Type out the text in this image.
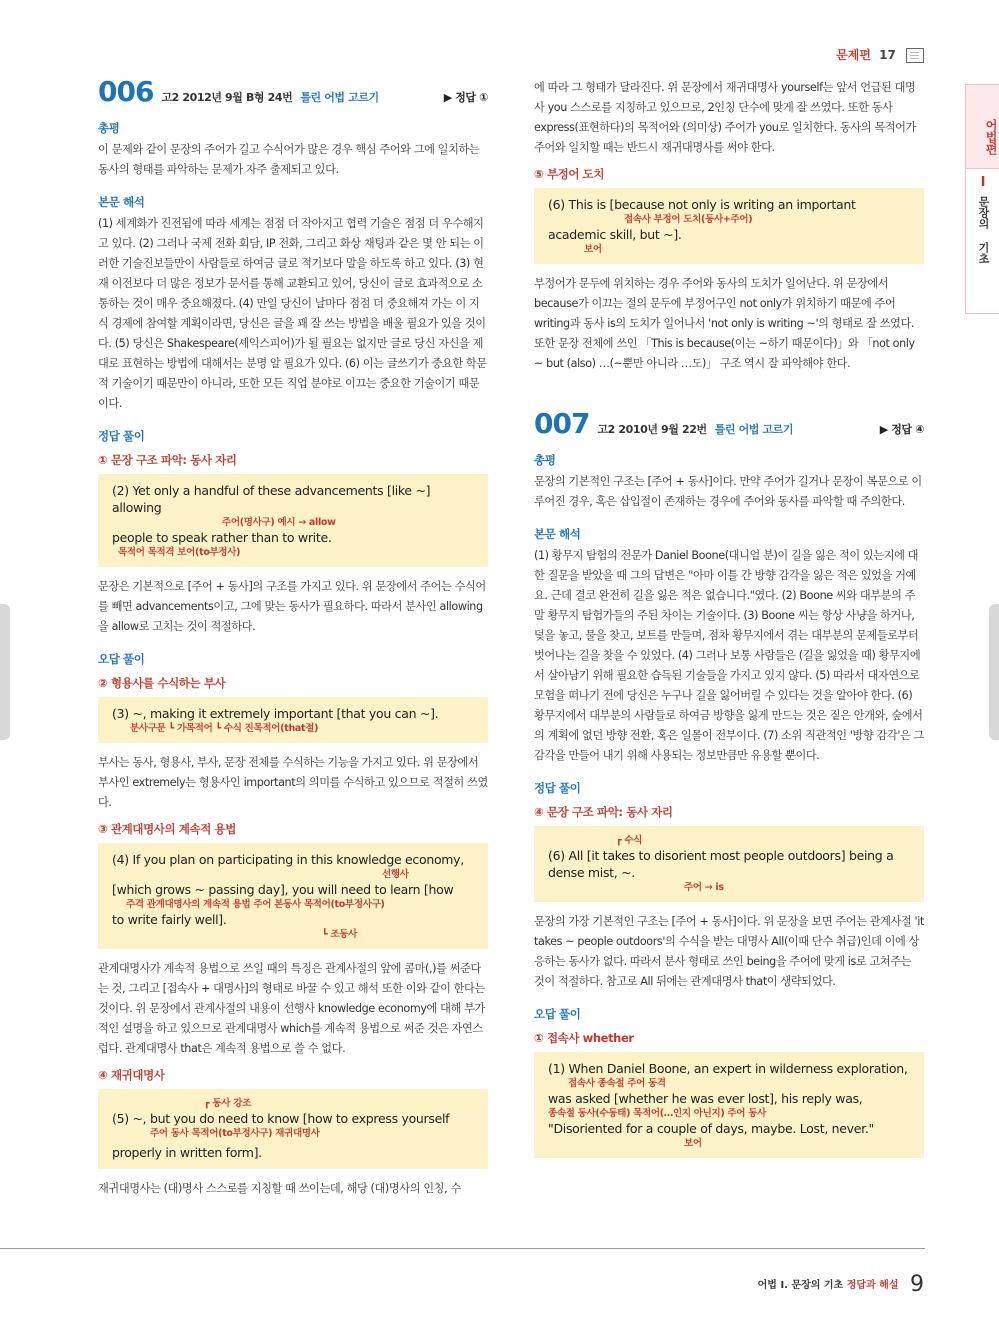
문제편 17
어법편
I
문장의 기초
006 고2 2012년 9월 B형 24번 틀린 어법 고르기	▶ 정답 ①
총평

이 문제와 같이 문장의 주어가 길고 수식어가 많은 경우 핵심 주어와 그에 일치하는 동사의 형태를 파악하는 문제가 자주 출제되고 있다.

본문 해석

(1) 세계화가 진전됨에 따라 세계는 점점 더 작아지고 협력 기술은 점점 더 우수해지고 있다. (2) 그러나 국제 전화 회담, IP 전화, 그리고 화상 채팅과 같은 몇 안 되는 이러한 기술진보들만이 사람들로 하여금 글로 적기보다 말을 하도록 하고 있다. (3) 현재 이전보다 더 많은 정보가 문서를 통해 교환되고 있어, 당신이 글로 효과적으로 소통하는 것이 매우 중요해졌다. (4) 만일 당신이 날마다 점점 더 중요해져 가는 이 지식 경제에 참여할 계획이라면, 당신은 글을 꽤 잘 쓰는 방법을 배울 필요가 있을 것이다. (5) 당신은 Shakespeare(셰익스피어)가 될 필요는 없지만 글로 당신 자신을 제대로 표현하는 방법에 대해서는 분명 알 필요가 있다. (6) 이는 글쓰기가 중요한 학문적 기술이기 때문만이 아니라, 또한 모든 직업 분야로 이끄는 중요한 기술이기 때문이다.

정답 풀이
① 문장 구조 파악: 동사 자리
(2) Yet only a handful of these advancements [like ~] allowing
주어(명사구) 예시 → allow
people to speak rather than to write.
목적어 목적격 보어(to부정사)

문장은 기본적으로 [주어 + 동사]의 구조를 가지고 있다. 위 문장에서 주어는 수식어를 빼면 advancements이고, 그에 맞는 동사가 필요하다. 따라서 분사인 allowing을 allow로 고치는 것이 적절하다.

오답 풀이
② 형용사를 수식하는 부사
(3) ~, making it extremely important [that you can ~].
분사구문 ┗ 가목적어 ┗ 수식 진목적어(that절)

부사는 동사, 형용사, 부사, 문장 전체를 수식하는 기능을 가지고 있다. 위 문장에서 부사인 extremely는 형용사인 important의 의미를 수식하고 있으므로 적절히 쓰였다.

③ 관계대명사의 계속적 용법
(4) If you plan on participating in this knowledge economy,
선행사
[which grows ~ passing day], you will need to learn [how
주격 관계대명사의 계속적 용법 주어 본동사 목적어(to부정사구)
to write fairly well].
┗ 조동사

관계대명사가 계속적 용법으로 쓰일 때의 특징은 관계사절의 앞에 콤마(,)를 써준다는 것, 그리고 [접속사 + 대명사]의 형태로 바꿀 수 있고 해석 또한 이와 같이 한다는 것이다. 위 문장에서 관계사절의 내용이 선행사 knowledge economy에 대해 부가적인 설명을 하고 있으므로 관계대명사 which를 계속적 용법으로 써준 것은 자연스럽다. 관계대명사 that은 계속적 용법으로 쓸 수 없다.

④ 재귀대명사
┏ 동사 강조
(5) ~, but you do need to know [how to express yourself
주어 동사 목적어(to부정사구) 재귀대명사
properly in written form].

재귀대명사는 (대)명사 스스로를 지칭할 때 쓰이는데, 해당 (대)명사의 인칭, 수

에 따라 그 형태가 달라진다. 위 문장에서 재귀대명사 yourself는 앞서 언급된 대명사 you 스스로를 지칭하고 있으므로, 2인칭 단수에 맞게 잘 쓰였다. 또한 동사 express(표현하다)의 목적어와 (의미상) 주어가 you로 일치한다. 동사의 목적어가 주어와 일치할 때는 반드시 재귀대명사를 써야 한다.

⑤ 부정어 도치
(6) This is [because not only is writing an important
접속사 부정어 도치(동사+주어)
academic skill, but ~].
보어

부정어가 문두에 위치하는 경우 주어와 동사의 도치가 일어난다. 위 문장에서 because가 이끄는 절의 문두에 부정어구인 not only가 위치하기 때문에 주어 writing과 동사 is의 도치가 일어나서 'not only is writing ~'의 형태로 잘 쓰였다. 또한 문장 전체에 쓰인 「This is because(이는 ~하기 때문이다)」와 「not only ~ but (also) …(~뿐만 아니라 …도)」 구조 역시 잘 파악해야 한다.

007 고2 2010년 9월 22번 틀린 어법 고르기	▶ 정답 ④
총평

문장의 기본적인 구조는 [주어 + 동사]이다. 만약 주어가 길거나 문장이 복문으로 이루어진 경우, 혹은 삽입절이 존재하는 경우에 주어와 동사를 파악할 때 주의한다.

본문 해석

(1) 황무지 탐험의 전문가 Daniel Boone(대니얼 분)이 길을 잃은 적이 있는지에 대한 질문을 받았을 때 그의 답변은 "아마 이틀 간 방향 감각을 잃은 적은 있었을 거예요. 근데 결코 완전히 길을 잃은 적은 없습니다."였다. (2) Boone 씨와 대부분의 주말 황무지 탐험가들의 주된 차이는 기술이다. (3) Boone 씨는 항상 사냥을 하거나, 덫을 놓고, 물을 찾고, 보트를 만들며, 점차 황무지에서 겪는 대부분의 문제들로부터 벗어나는 길을 찾을 수 있었다. (4) 그러나 보통 사람들은 (길을 잃었을 때) 황무지에서 살아남기 위해 필요한 습득된 기술들을 가지고 있지 않다. (5) 따라서 대자연으로 모험을 떠나기 전에 당신은 누구나 길을 잃어버릴 수 있다는 것을 알아야 한다. (6) 황무지에서 대부분의 사람들로 하여금 방향을 잃게 만드는 것은 짙은 안개와, 숲에서의 계획에 없던 방향 전환, 혹은 일몰이 전부이다. (7) 소위 직관적인 '방향 감각'은 그 감각을 만들어 내기 위해 사용되는 정보만큼만 유용할 뿐이다.

정답 풀이
④ 문장 구조 파악: 동사 자리
┏ 수식
(6) All [it takes to disorient most people outdoors] being a
dense mist, ~.
주어 → is

문장의 가장 기본적인 구조는 [주어 + 동사]이다. 위 문장을 보면 주어는 관계사절 'it takes ~ people outdoors'의 수식을 받는 대명사 All(이때 단수 취급)인데 이에 상응하는 동사가 없다. 따라서 분사 형태로 쓰인 being을 주어에 맞게 is로 고쳐주는 것이 적절하다. 참고로 All 뒤에는 관계대명사 that이 생략되었다.

오답 풀이
① 접속사 whether
(1) When Daniel Boone, an expert in wilderness exploration,
접속사 종속절 주어 동격
was asked [whether he was ever lost], his reply was,
종속절 동사(수동태) 목적어(…인지 아닌지) 주어 동사
"Disoriented for a couple of days, maybe. Lost, never."
보어
어법 Ⅰ. 문장의 기초 정답과 해설 9
